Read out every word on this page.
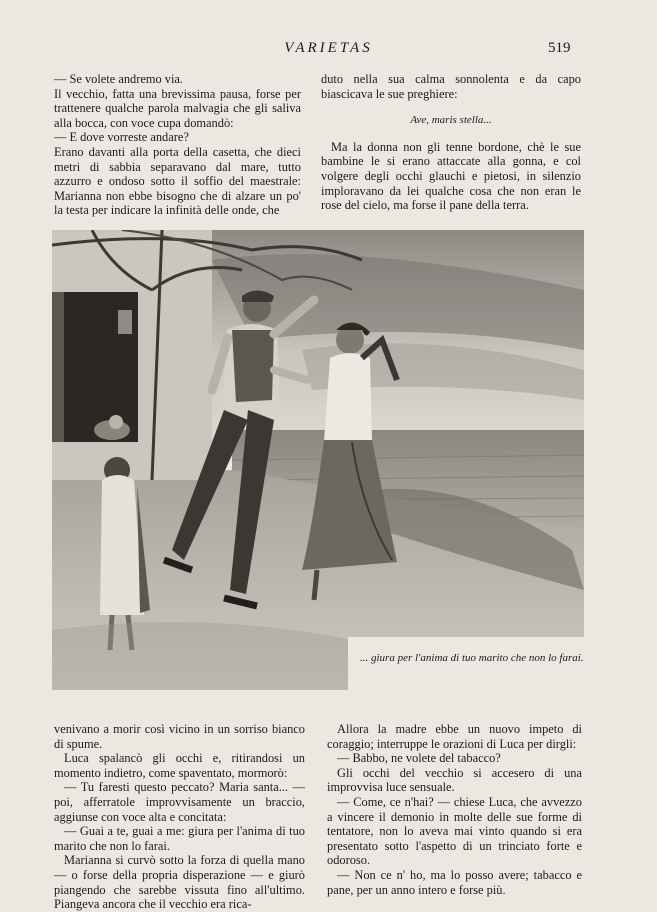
VARIETAS	519

— Se volete andremo via.

Il vecchio, fatta una brevissima pausa, forse per trattenere qualche parola malvagia che gli saliva alla bocca, con voce cupa domandò:

— E dove vorreste andare?

Erano davanti alla porta della casetta, che dieci metri di sabbia separavano dal mare, tutto azzurro e ondoso sotto il soffio del maestrale: Marianna non ebbe bisogno che di alzare un po' la testa per indicare la infinità delle onde, che

duto nella sua calma sonnolenta e da capo biascicava le sue preghiere:

Ave, maris stella...

Ma la donna non gli tenne bordone, chè le sue bambine le si erano attaccate alla gonna, e col volgere degli occhi glauchi e pietosi, in silenzio imploravano da lei qualche cosa che non eran le rose del cielo, ma forse il pane della terra.

... giura per l'anima di tuo marito che non lo farai.

venivano a morir così vicino in un sorriso bianco di spume.

Luca spalancò gli occhi e, ritirandosi un momento indietro, come spaventato, mormorò:

— Tu faresti questo peccato? Maria santa... — poi, afferratole improvvisamente un braccio, aggiunse con voce alta e concitata:

— Guai a te, guai a me: giura per l'anima di tuo marito che non lo farai.

Marianna si curvò sotto la forza di quella mano — o forse della propria disperazione — e giurò piangendo che sarebbe vissuta fino all'ultimo. Piangeva ancora che il vecchio era rica-

Allora la madre ebbe un nuovo impeto di coraggio; interruppe le orazioni di Luca per dirgli:

— Babbo, ne volete del tabacco?

Gli occhi del vecchio si accesero di una improvvisa luce sensuale.

— Come, ce n'hai? — chiese Luca, che avvezzo a vincere il demonio in molte delle sue forme di tentatore, non lo aveva mai vinto quando si era presentato sotto l'aspetto di un trinciato forte e odoroso.

— Non ce n' ho, ma lo posso avere; tabacco e pane, per un anno intero e forse più.
